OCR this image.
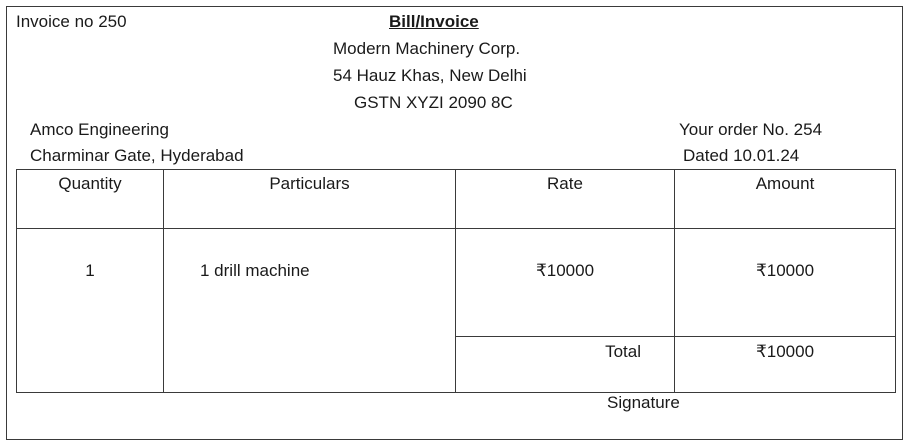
Invoice no 250	Bill/Invoice
Modern Machinery Corp.
54 Hauz Khas, New Delhi
GSTN XYZI 2090 8C
Amco Engineering
Charminar Gate, Hyderabad
Your order No. 254
Dated 10.01.24
Quantity	Particulars	Rate	Amount

1	1 drill machine	₹10000	₹10000

		Total	₹10000
Signature
